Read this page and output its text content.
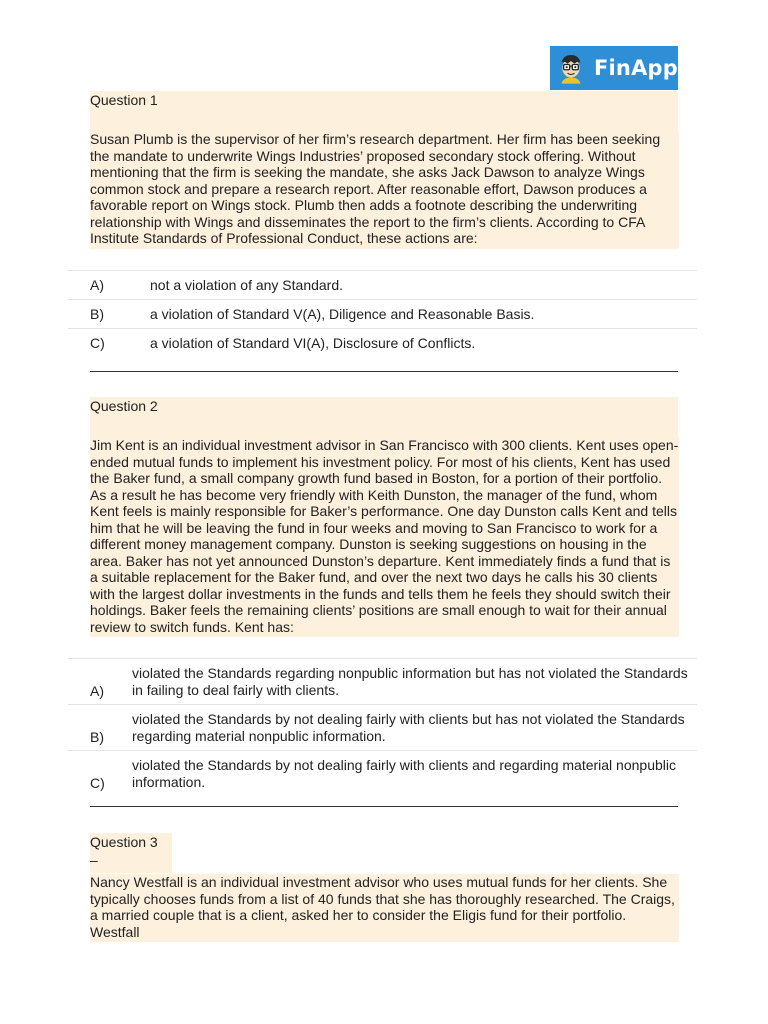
FinApp
Question 1
Susan Plumb is the supervisor of her firm’s research department. Her firm has been seeking the mandate to underwrite Wings Industries’ proposed secondary stock offering. Without mentioning that the firm is seeking the mandate, she asks Jack Dawson to analyze Wings common stock and prepare a research report. After reasonable effort, Dawson produces a favorable report on Wings stock. Plumb then adds a footnote describing the underwriting relationship with Wings and disseminates the report to the firm’s clients. According to CFA Institute Standards of Professional Conduct, these actions are:
A)	not a violation of any Standard.
B)	a violation of Standard V(A), Diligence and Reasonable Basis.
C)	a violation of Standard VI(A), Disclosure of Conflicts.
Question 2
Jim Kent is an individual investment advisor in San Francisco with 300 clients. Kent uses open-ended mutual funds to implement his investment policy. For most of his clients, Kent has used the Baker fund, a small company growth fund based in Boston, for a portion of their portfolio. As a result he has become very friendly with Keith Dunston, the manager of the fund, whom Kent feels is mainly responsible for Baker’s performance. One day Dunston calls Kent and tells him that he will be leaving the fund in four weeks and moving to San Francisco to work for a different money management company. Dunston is seeking suggestions on housing in the area. Baker has not yet announced Dunston’s departure. Kent immediately finds a fund that is a suitable replacement for the Baker fund, and over the next two days he calls his 30 clients with the largest dollar investments in the funds and tells them he feels they should switch their holdings. Baker feels the remaining clients’ positions are small enough to wait for their annual review to switch funds. Kent has:
A)
violated the Standards regarding nonpublic information but has not violated the Standards in failing to deal fairly with clients.
B)
violated the Standards by not dealing fairly with clients but has not violated the Standards regarding material nonpublic information.
C)
violated the Standards by not dealing fairly with clients and regarding material nonpublic information.
Question 3 –
Nancy Westfall is an individual investment advisor who uses mutual funds for her clients. She typically chooses funds from a list of 40 funds that she has thoroughly researched. The Craigs, a married couple that is a client, asked her to consider the Eligis fund for their portfolio. Westfall
